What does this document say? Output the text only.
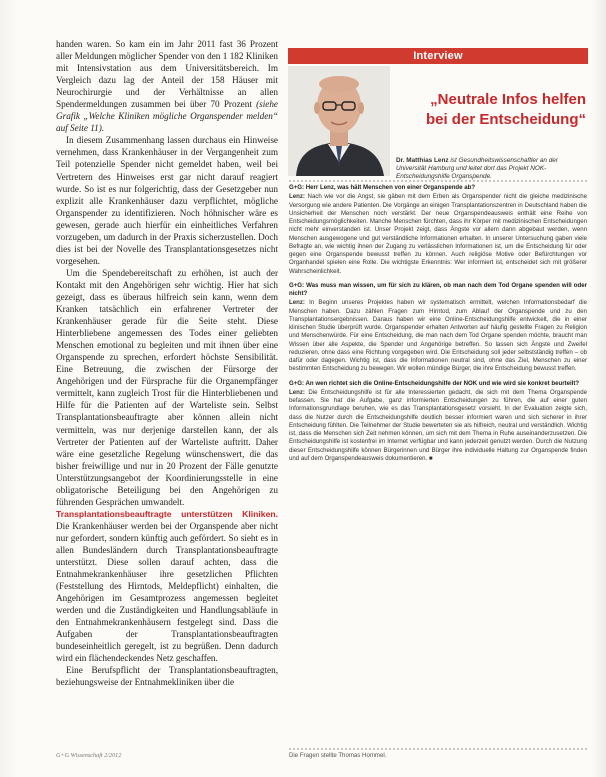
handen waren. So kam ein im Jahr 2011 fast 36 Prozent aller Meldungen möglicher Spender von den 1 182 Kliniken mit Intensivstation aus dem Universitätsbereich. Im Vergleich dazu lag der Anteil der 158 Häuser mit Neurochirurgie und der Verhältnisse an allen Spendermeldungen zusammen bei über 70 Prozent (siehe Grafik „Welche Kliniken mögliche Organspender melden“ auf Seite 11).

In diesem Zusammenhang lassen durchaus ein Hinweise vernehmen, dass Krankenhäuser in der Vergangenheit zum Teil potenzielle Spender nicht gemeldet haben, weil bei Vertretern des Hinweises erst gar nicht darauf reagiert wurde. So ist es nur folgerichtig, dass der Gesetzgeber nun explizit alle Krankenhäuser dazu verpflichtet, mögliche Organspender zu identifizieren. Noch höhnischer wäre es gewesen, gerade auch hierfür ein einheitliches Verfahren vorzugeben, um dadurch in der Praxis sicherzustellen. Doch dies ist bei der Novelle des Transplantationsgesetzes nicht vorgesehen.

Um die Spendebereitschaft zu erhöhen, ist auch der Kontakt mit den Angehörigen sehr wichtig. Hier hat sich gezeigt, dass es überaus hilfreich sein kann, wenn dem Kranken tatsächlich ein erfahrener Vertreter der Krankenhäuser gerade für die Seite steht. Diese Hinterbliebene angemessen des Todes einer geliebten Menschen emotional zu begleiten und mit ihnen über eine Organspende zu sprechen, erfordert höchste Sensibilität. Eine Betreuung, die zwischen der Fürsorge der Angehörigen und der Fürsprache für die Organempfänger vermittelt, kann zugleich Trost für die Hinterbliebenen und Hilfe für die Patienten auf der Warteliste sein. Selbst Transplantationsbeauftragte aber können allein nicht vermitteln, was nur derjenige darstellen kann, der als Vertreter der Patienten auf der Warteliste auftritt. Daher wäre eine gesetzliche Regelung wünschenswert, die das bisher freiwillige und nur in 20 Prozent der Fälle genutzte Unterstützungsangebot der Koordinierungsstelle in eine obligatorische Beteiligung bei den Angehörigen zu führenden Gesprächen umwandelt.

Transplantationsbeauftragte unterstützen Kliniken. Die Krankenhäuser werden bei der Organspende aber nicht nur gefordert, sondern künftig auch gefördert. So sieht es in allen Bundesländern durch Transplantationsbeauftragte unterstützt. Diese sollen darauf achten, dass die Entnahmekrankenhäuser ihre gesetzlichen Pflichten (Feststellung des Hirntods, Meldepflicht) einhalten, die Angehörigen im Gesamtprozess angemessen begleitet werden und die Zuständigkeiten und Handlungsabläufe in den Entnahmekrankenhäusern festgelegt sind. Dass die Aufgaben der Transplantationsbeauftragten bundeseinheitlich geregelt, ist zu begrüßen. Denn dadurch wird ein flächendeckendes Netz geschaffen.

Eine Berufspflicht der Transplantationsbeauftragten, beziehungsweise der Entnahmekliniken über die

Interview
„Neutrale Infos helfen
bei der Entscheidung“
Dr. Matthias Lenz ist Gesundheitswissenschaftler an der Universität Hamburg und leitet dort das Projekt NOK-Entscheidungshilfe Organspende.

G+G: Herr Lenz, was hält Menschen von einer Organspende ab?

Lenz: Nach wie vor die Angst, sie gäben mit dem Erben als Organspender nicht die gleiche medizinische Versorgung wie andere Patienten. Die Vorgänge an einigen Transplantationszentren in Deutschland haben die Unsicherheit der Menschen noch verstärkt. Der neue Organspendeausweis enthält eine Reihe von Entscheidungsmöglichkeiten. Manche Menschen fürchten, dass ihr Körper mit medizinischen Entscheidungen nicht mehr einverstanden ist. Unser Projekt zeigt, dass Ängste vor allem dann abgebaut werden, wenn Menschen ausgewogene und gut verständliche Informationen erhalten. In unserer Untersuchung gaben viele Befragte an, wie wichtig ihnen der Zugang zu verlässlichen Informationen ist, um die Entscheidung für oder gegen eine Organspende bewusst treffen zu können. Auch religiöse Motive oder Befürchtungen vor Organhandel spielen eine Rolle. Die wichtigste Erkenntnis: Wer informiert ist, entscheidet sich mit größerer Wahrscheinlichkeit.

G+G: Was muss man wissen, um für sich zu klären, ob man nach dem Tod Organe spenden will oder nicht?

Lenz: In Beginn unseres Projektes haben wir systematisch ermittelt, welchen Informationsbedarf die Menschen haben. Dazu zählen Fragen zum Hirntod, zum Ablauf der Organspende und zu den Transplantationsergebnissen. Daraus haben wir eine Online-Entscheidungshilfe entwickelt, die in einer klinischen Studie überprüft wurde. Organspender erhalten Antworten auf häufig gestellte Fragen zu Religion und Menschenwürde. Für eine Entscheidung, die man nach dem Tod Organe spenden möchte, braucht man Wissen über alle Aspekte, die Spender und Angehörige betreffen. So lassen sich Ängste und Zweifel reduzieren, ohne dass eine Richtung vorgegeben wird. Die Entscheidung soll jeder selbstständig treffen – ob dafür oder dagegen. Wichtig ist, dass die Informationen neutral sind, ohne das Ziel, Menschen zu einer bestimmten Entscheidung zu bewegen. Wir wollen mündige Bürger, die ihre Entscheidung bewusst treffen.

G+G: An wen richtet sich die Online-Entscheidungshilfe der NOK und wie wird sie konkret beurteilt?

Lenz: Die Entscheidungshilfe ist für alle Interessierten gedacht, die sich mit dem Thema Organspende befassen. Sie hat die Aufgabe, ganz informierten Entscheidungen zu führen, die auf einer guten Informationsgrundlage beruhen, wie es das Transplantationsgesetz vorsieht. In der Evaluation zeigte sich, dass die Nutzer durch die Entscheidungshilfe deutlich besser informiert waren und sich sicherer in ihrer Entscheidung fühlten. Die Teilnehmer der Studie bewerteten sie als hilfreich, neutral und verständlich. Wichtig ist, dass die Menschen sich Zeit nehmen können, um sich mit dem Thema in Ruhe auseinanderzusetzen. Die Entscheidungshilfe ist kostenfrei im Internet verfügbar und kann jederzeit genutzt werden. Durch die Nutzung dieser Entscheidungshilfe können Bürgerinnen und Bürger ihre individuelle Haltung zur Organspende finden und auf dem Organspendeausweis dokumentieren. ■

Die Fragen stellte Thomas Hommel.
G+G Wissenschaft 2/2012
